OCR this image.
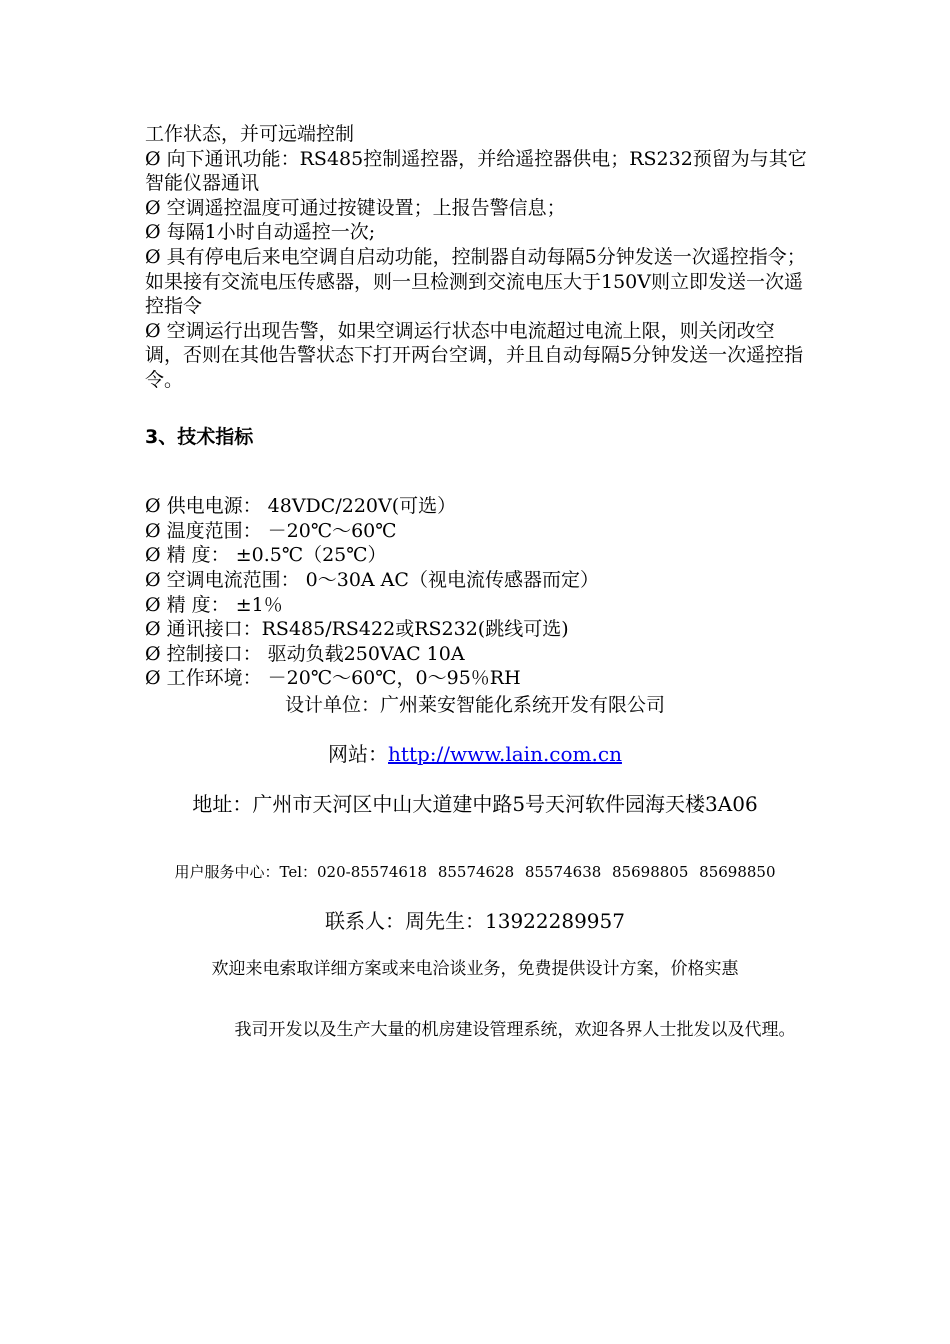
工作状态，并可远端控制
Ø 向下通讯功能：RS485控制遥控器，并给遥控器供电；RS232预留为与其它智能仪器通讯
Ø 空调遥控温度可通过按键设置；上报告警信息；
Ø 每隔1小时自动遥控一次;
Ø 具有停电后来电空调自启动功能，控制器自动每隔5分钟发送一次遥控指令；如果接有交流电压传感器，则一旦检测到交流电压大于150V则立即发送一次遥控指令
Ø 空调运行出现告警，如果空调运行状态中电流超过电流上限，则关闭改空调，否则在其他告警状态下打开两台空调，并且自动每隔5分钟发送一次遥控指令。
3、技术指标
Ø 供电电源： 48VDC/220V(可选）
Ø 温度范围： －20℃～60℃
Ø 精 度： ±0.5℃（25℃）
Ø 空调电流范围： 0～30A AC（视电流传感器而定）
Ø 精 度： ±1％
Ø 通讯接口：RS485/RS422或RS232(跳线可选)
Ø 控制接口： 驱动负载250VAC 10A
Ø 工作环境： －20℃～60℃，0～95％RH
设计单位：广州莱安智能化系统开发有限公司
网站：http://www.lain.com.cn
地址：广州市天河区中山大道建中路5号天河软件园海天楼3A06
用户服务中心：Tel：020-85574618 85574628 85574638 85698805 85698850
联系人：周先生：13922289957
欢迎来电索取详细方案或来电洽谈业务，免费提供设计方案，价格实惠
我司开发以及生产大量的机房建设管理系统，欢迎各界人士批发以及代理。
